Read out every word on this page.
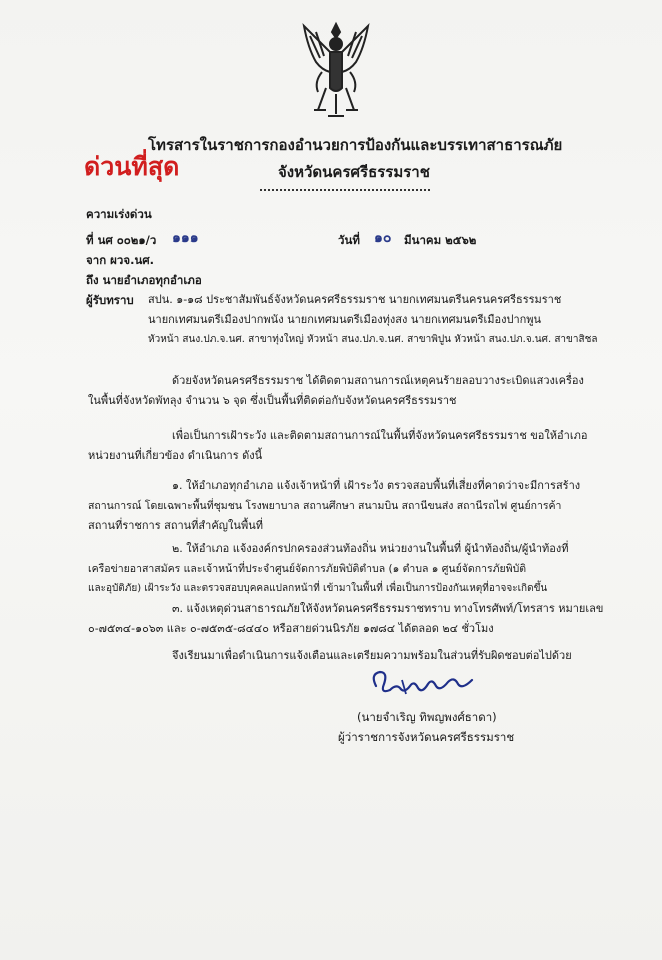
โทรสารในราชการกองอำนวยการป้องกันและบรรเทาสาธารณภัย
ด่วนที่สุด	จังหวัดนครศรีธรรมราช
ความเร่งด่วน
ที่ นศ ๐๐๒๑/ว ๑๑๑	วันที่ ๑๐ มีนาคม ๒๕๖๒
จาก ผวจ.นศ.
ถึง นายอำเภอทุกอำเภอ
ผู้รับทราบ สปน. ๑-๑๘ ประชาสัมพันธ์จังหวัดนครศรีธรรมราช นายกเทศมนตรีนครนครศรีธรรมราช
นายกเทศมนตรีเมืองปากพนัง นายกเทศมนตรีเมืองทุ่งสง นายกเทศมนตรีเมืองปากพูน
หัวหน้า สนง.ปภ.จ.นศ. สาขาทุ่งใหญ่ หัวหน้า สนง.ปภ.จ.นศ. สาขาพิปูน หัวหน้า สนง.ปภ.จ.นศ. สาขาสิชล
ด้วยจังหวัดนครศรีธรรมราช ได้ติดตามสถานการณ์เหตุคนร้ายลอบวางระเบิดแสวงเครื่อง
ในพื้นที่จังหวัดพัทลุง จำนวน ๖ จุด ซึ่งเป็นพื้นที่ติดต่อกับจังหวัดนครศรีธรรมราช
เพื่อเป็นการเฝ้าระวัง และติดตามสถานการณ์ในพื้นที่จังหวัดนครศรีธรรมราช ขอให้อำเภอ
หน่วยงานที่เกี่ยวข้อง ดำเนินการ ดังนี้
๑. ให้อำเภอทุกอำเภอ แจ้งเจ้าหน้าที่ เฝ้าระวัง ตรวจสอบพื้นที่เสี่ยงที่คาดว่าจะมีการสร้าง
สถานการณ์ โดยเฉพาะพื้นที่ชุมชน โรงพยาบาล สถานศึกษา สนามบิน สถานีขนส่ง สถานีรถไฟ ศูนย์การค้า
สถานที่ราชการ สถานที่สำคัญในพื้นที่
๒. ให้อำเภอ แจ้งองค์กรปกครองส่วนท้องถิ่น หน่วยงานในพื้นที่ ผู้นำท้องถิ่น/ผู้นำท้องที่
เครือข่ายอาสาสมัคร และเจ้าหน้าที่ประจำศูนย์จัดการภัยพิบัติตำบล (๑ ตำบล ๑ ศูนย์จัดการภัยพิบัติ
และอุบัติภัย) เฝ้าระวัง และตรวจสอบบุคคลแปลกหน้าที่ เข้ามาในพื้นที่ เพื่อเป็นการป้องกันเหตุที่อาจจะเกิดขึ้น
๓. แจ้งเหตุด่วนสาธารณภัยให้จังหวัดนครศรีธรรมราชทราบ ทางโทรศัพท์/โทรสาร หมายเลข
๐-๗๕๓๔-๑๐๖๓ และ ๐-๗๕๓๕-๘๔๔๐ หรือสายด่วนนิรภัย ๑๗๘๔ ได้ตลอด ๒๔ ชั่วโมง
จึงเรียนมาเพื่อดำเนินการแจ้งเตือนและเตรียมความพร้อมในส่วนที่รับผิดชอบต่อไปด้วย
(นายจำเริญ ทิพญพงศ์ธาดา)
ผู้ว่าราชการจังหวัดนครศรีธรรมราช
